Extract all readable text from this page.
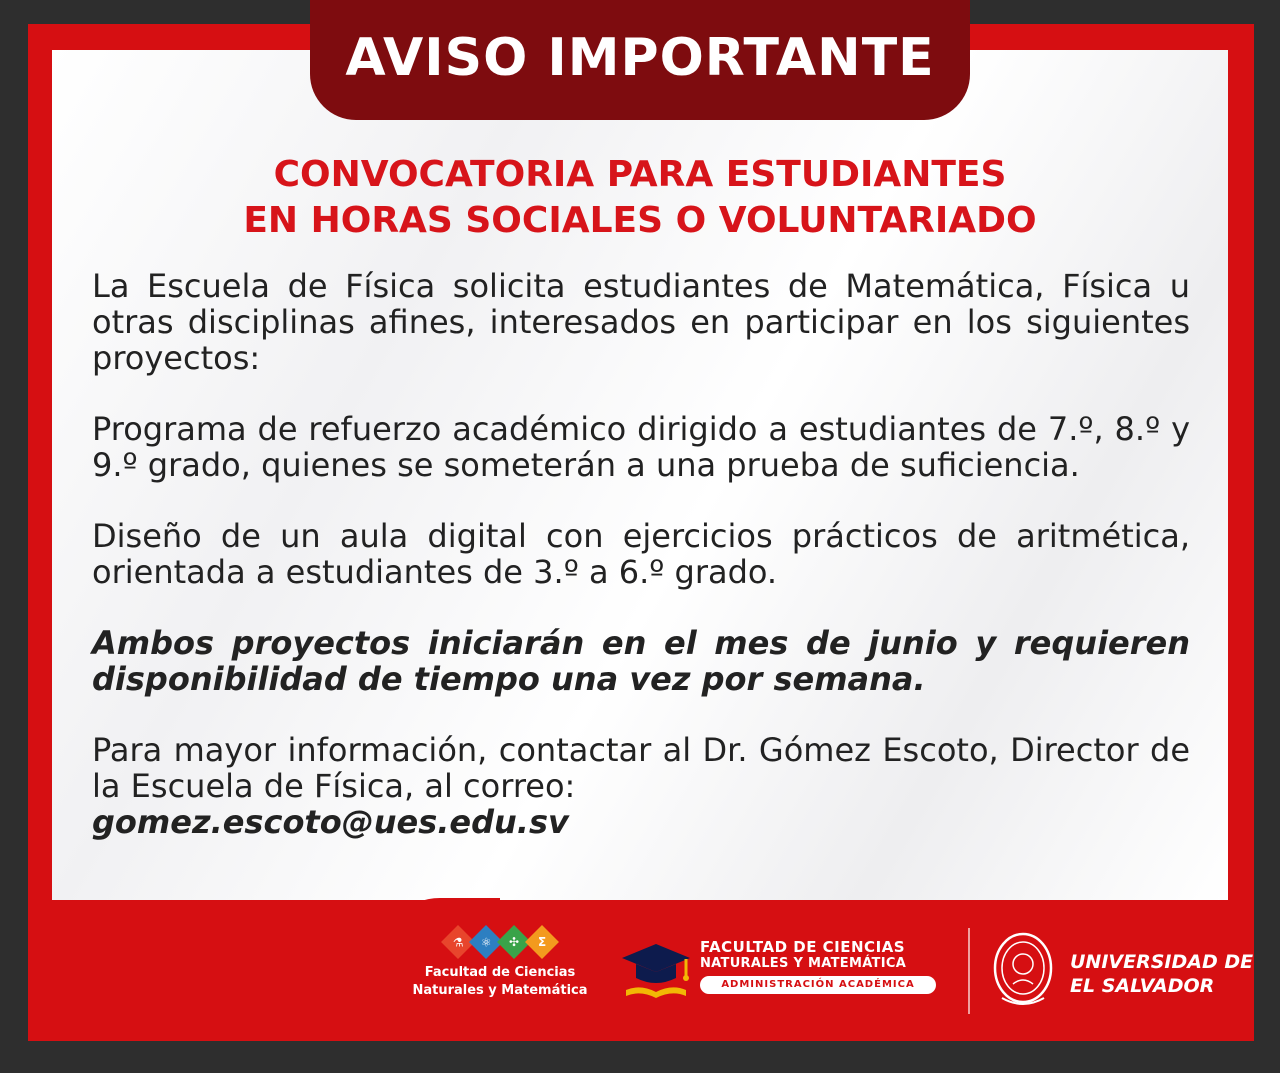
AVISO IMPORTANTE
CONVOCATORIA PARA ESTUDIANTES
EN HORAS SOCIALES O VOLUNTARIADO

La Escuela de Física solicita estudiantes de Matemática, Física u otras disciplinas afines, interesados en participar en los siguientes proyectos:

Programa de refuerzo académico dirigido a estudiantes de 7.º, 8.º y 9.º grado, quienes se someterán a una prueba de suficiencia.

Diseño de un aula digital con ejercicios prácticos de aritmética, orientada a estudiantes de 3.º a 6.º grado.

Ambos proyectos iniciarán en el mes de junio y requieren disponibilidad de tiempo una vez por semana.

Para mayor información, contactar al Dr. Gómez Escoto, Director de la Escuela de Física, al correo:
gomez.escoto@ues.edu.sv

⚗ ⚛ ✣ Σ
Facultad de Ciencias
Naturales y Matemática
FACULTAD DE CIENCIAS
NATURALES Y MATEMÁTICA
ADMINISTRACIÓN ACADÉMICA
UNIVERSIDAD DE
EL SALVADOR
